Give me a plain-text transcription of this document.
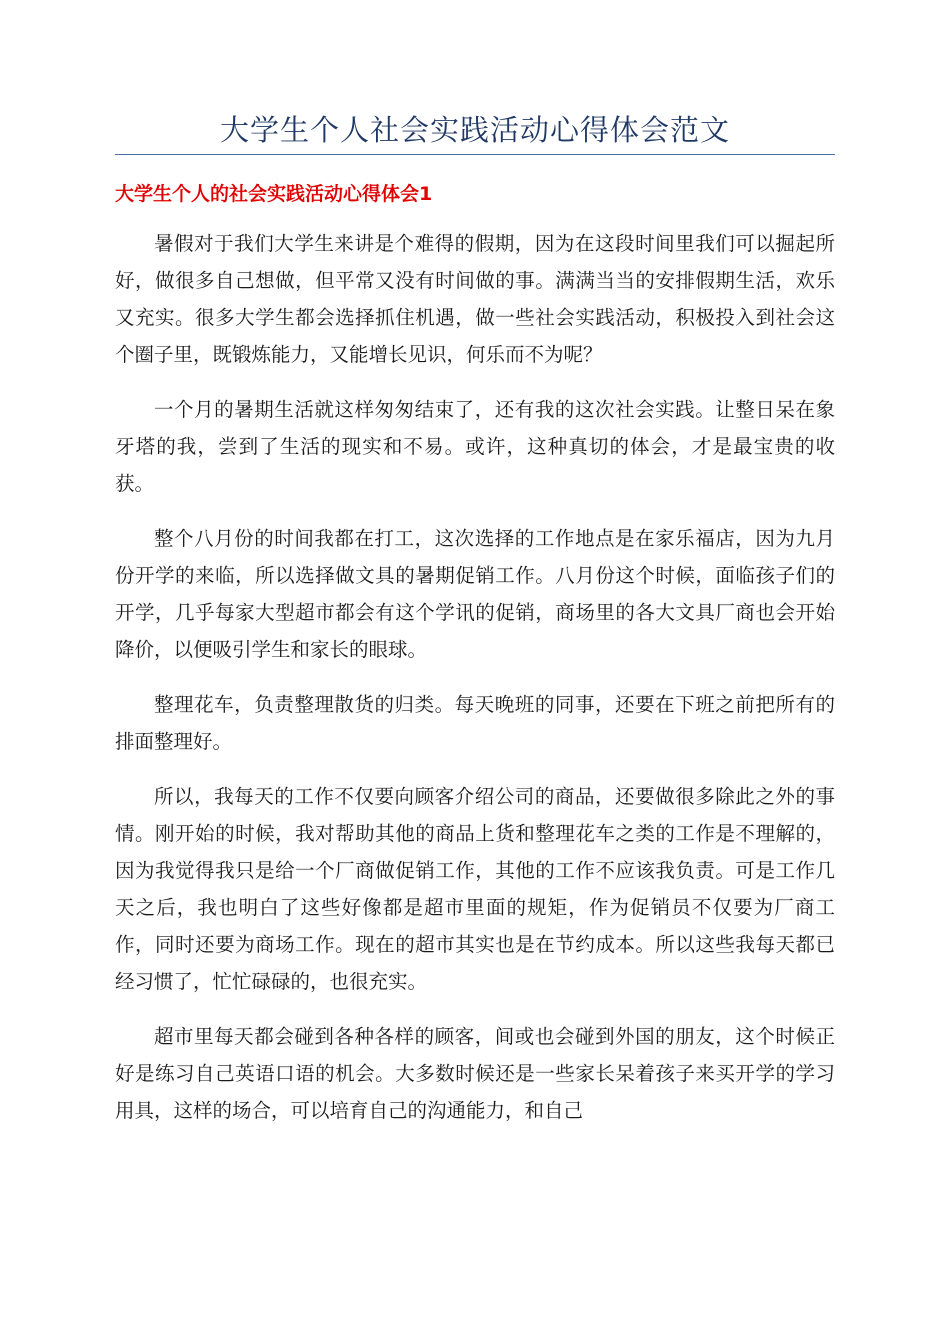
大学生个人社会实践活动心得体会范文
大学生个人的社会实践活动心得体会1

暑假对于我们大学生来讲是个难得的假期，因为在这段时间里我们可以掘起所好，做很多自己想做，但平常又没有时间做的事。满满当当的安排假期生活，欢乐又充实。很多大学生都会选择抓住机遇，做一些社会实践活动，积极投入到社会这个圈子里，既锻炼能力，又能增长见识，何乐而不为呢？

一个月的暑期生活就这样匆匆结束了，还有我的这次社会实践。让整日呆在象牙塔的我，尝到了生活的现实和不易。或许，这种真切的体会，才是最宝贵的收获。

整个八月份的时间我都在打工，这次选择的工作地点是在家乐福店，因为九月份开学的来临，所以选择做文具的暑期促销工作。八月份这个时候，面临孩子们的开学，几乎每家大型超市都会有这个学讯的促销，商场里的各大文具厂商也会开始降价，以便吸引学生和家长的眼球。

整理花车，负责整理散货的归类。每天晚班的同事，还要在下班之前把所有的排面整理好。

所以，我每天的工作不仅要向顾客介绍公司的商品，还要做很多除此之外的事情。刚开始的时候，我对帮助其他的商品上货和整理花车之类的工作是不理解的，因为我觉得我只是给一个厂商做促销工作，其他的工作不应该我负责。可是工作几天之后，我也明白了这些好像都是超市里面的规矩，作为促销员不仅要为厂商工作，同时还要为商场工作。现在的超市其实也是在节约成本。所以这些我每天都已经习惯了，忙忙碌碌的，也很充实。

超市里每天都会碰到各种各样的顾客，间或也会碰到外国的朋友，这个时候正好是练习自己英语口语的机会。大多数时候还是一些家长呆着孩子来买开学的学习用具，这样的场合，可以培育自己的沟通能力，和自己
